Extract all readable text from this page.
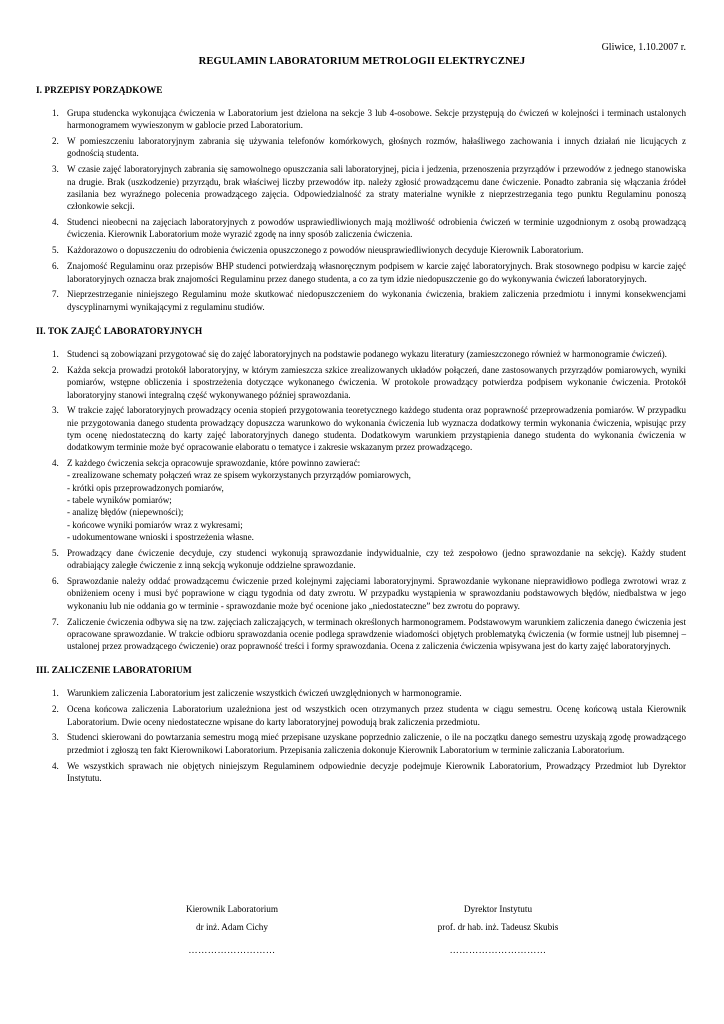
Gliwice, 1.10.2007 r.
REGULAMIN LABORATORIUM METROLOGII ELEKTRYCZNEJ
I. PRZEPISY PORZĄDKOWE
1. Grupa studencka wykonująca ćwiczenia w Laboratorium jest dzielona na sekcje 3 lub 4-osobowe. Sekcje przystępują do ćwiczeń w kolejności i terminach ustalonych harmonogramem wywieszonym w gablocie przed Laboratorium.
2. W pomieszczeniu laboratoryjnym zabrania się używania telefonów komórkowych, głośnych rozmów, hałaśliwego zachowania i innych działań nie licujących z godnością studenta.
3. W czasie zajęć laboratoryjnych zabrania się samowolnego opuszczania sali laboratoryjnej, picia i jedzenia, przenoszenia przyrządów i przewodów z jednego stanowiska na drugie. Brak (uszkodzenie) przyrządu, brak właściwej liczby przewodów itp. należy zgłosić prowadzącemu dane ćwiczenie. Ponadto zabrania się włączania źródeł zasilania bez wyraźnego polecenia prowadzącego zajęcia. Odpowiedzialność za straty materialne wynikłe z nieprzestrzegania tego punktu Regulaminu ponoszą członkowie sekcji.
4. Studenci nieobecni na zajęciach laboratoryjnych z powodów usprawiedliwionych mają możliwość odrobienia ćwiczeń w terminie uzgodnionym z osobą prowadzącą ćwiczenia. Kierownik Laboratorium może wyrazić zgodę na inny sposób zaliczenia ćwiczenia.
5. Każdorazowo o dopuszczeniu do odrobienia ćwiczenia opuszczonego z powodów nieusprawiedliwionych decyduje Kierownik Laboratorium.
6. Znajomość Regulaminu oraz przepisów BHP studenci potwierdzają własnoręcznym podpisem w karcie zajęć laboratoryjnych. Brak stosownego podpisu w karcie zajęć laboratoryjnych oznacza brak znajomości Regulaminu przez danego studenta, a co za tym idzie niedopuszczenie go do wykonywania ćwiczeń laboratoryjnych.
7. Nieprzestrzeganie niniejszego Regulaminu może skutkować niedopuszczeniem do wykonania ćwiczenia, brakiem zaliczenia przedmiotu i innymi konsekwencjami dyscyplinarnymi wynikającymi z regulaminu studiów.
II. TOK ZAJĘĆ LABORATORYJNYCH
1. Studenci są zobowiązani przygotować się do zajęć laboratoryjnych na podstawie podanego wykazu literatury (zamieszczonego również w harmonogramie ćwiczeń).
2. Każda sekcja prowadzi protokół laboratoryjny, w którym zamieszcza szkice zrealizowanych układów połączeń, dane zastosowanych przyrządów pomiarowych, wyniki pomiarów, wstępne obliczenia i spostrzeżenia dotyczące wykonanego ćwiczenia. W protokole prowadzący potwierdza podpisem wykonanie ćwiczenia. Protokół laboratoryjny stanowi integralną część wykonywanego później sprawozdania.
3. W trakcie zajęć laboratoryjnych prowadzący ocenia stopień przygotowania teoretycznego każdego studenta oraz poprawność przeprowadzenia pomiarów. W przypadku nie przygotowania danego studenta prowadzący dopuszcza warunkowo do wykonania ćwiczenia lub wyznacza dodatkowy termin wykonania ćwiczenia, wpisując przy tym ocenę niedostateczną do karty zajęć laboratoryjnych danego studenta. Dodatkowym warunkiem przystąpienia danego studenta do wykonania ćwiczenia w dodatkowym terminie może być opracowanie elaboratu o tematyce i zakresie wskazanym przez prowadzącego.
4. Z każdego ćwiczenia sekcja opracowuje sprawozdanie, które powinno zawierać:
- zrealizowane schematy połączeń wraz ze spisem wykorzystanych przyrządów pomiarowych,
- krótki opis przeprowadzonych pomiarów,
- tabele wyników pomiarów;
- analizę błędów (niepewności);
- końcowe wyniki pomiarów wraz z wykresami;
- udokumentowane wnioski i spostrzeżenia własne.
5. Prowadzący dane ćwiczenie decyduje, czy studenci wykonują sprawozdanie indywidualnie, czy też zespołowo (jedno sprawozdanie na sekcję). Każdy student odrabiający zaległe ćwiczenie z inną sekcją wykonuje oddzielne sprawozdanie.
6. Sprawozdanie należy oddać prowadzącemu ćwiczenie przed kolejnymi zajęciami laboratoryjnymi. Sprawozdanie wykonane nieprawidłowo podlega zwrotowi wraz z obniżeniem oceny i musi być poprawione w ciągu tygodnia od daty zwrotu. W przypadku wystąpienia w sprawozdaniu podstawowych błędów, niedbalstwa w jego wykonaniu lub nie oddania go w terminie - sprawozdanie może być ocenione jako „niedostateczne” bez zwrotu do poprawy.
7. Zaliczenie ćwiczenia odbywa się na tzw. zajęciach zaliczających, w terminach określonych harmonogramem. Podstawowym warunkiem zaliczenia danego ćwiczenia jest opracowane sprawozdanie. W trakcie odbioru sprawozdania ocenie podlega sprawdzenie wiadomości objętych problematyką ćwiczenia (w formie ustnej| lub pisemnej – ustalonej przez prowadzącego ćwiczenie) oraz poprawność treści i formy sprawozdania. Ocena z zaliczenia ćwiczenia wpisywana jest do karty zajęć laboratoryjnych.
III. ZALICZENIE LABORATORIUM
1. Warunkiem zaliczenia Laboratorium jest zaliczenie wszystkich ćwiczeń uwzględnionych w harmonogramie.
2. Ocena końcowa zaliczenia Laboratorium uzależniona jest od wszystkich ocen otrzymanych przez studenta w ciągu semestru. Ocenę końcową ustala Kierownik Laboratorium. Dwie oceny niedostateczne wpisane do karty laboratoryjnej powodują brak zaliczenia przedmiotu.
3. Studenci skierowani do powtarzania semestru mogą mieć przepisane uzyskane poprzednio zaliczenie, o ile na początku danego semestru uzyskają zgodę prowadzącego przedmiot i zgłoszą ten fakt Kierownikowi Laboratorium. Przepisania zaliczenia dokonuje Kierownik Laboratorium w terminie zaliczania Laboratorium.
4. We wszystkich sprawach nie objętych niniejszym Regulaminem odpowiednie decyzje podejmuje Kierownik Laboratorium, Prowadzący Przedmiot lub Dyrektor Instytutu.
Kierownik Laboratorium
dr inż. Adam Cichy
………………………
Dyrektor Instytutu
prof. dr hab. inż. Tadeusz Skubis
…………………………
